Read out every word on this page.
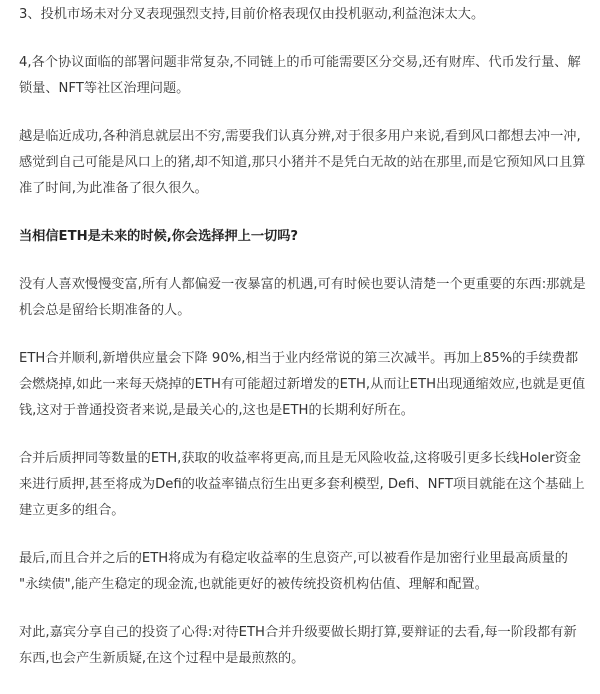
3、投机市场未对分叉表现强烈支持,目前价格表现仅由投机驱动,利益泡沫太大。

4,各个协议面临的部署问题非常复杂,不同链上的币可能需要区分交易,还有财库、代币发行量、解锁量、NFT等社区治理问题。

越是临近成功,各种消息就层出不穷,需要我们认真分辨,对于很多用户来说,看到风口都想去冲一冲,感觉到自己可能是风口上的猪,却不知道,那只小猪并不是凭白无故的站在那里,而是它预知风口且算准了时间,为此准备了很久很久。

当相信ETH是未来的时候,你会选择押上一切吗?

没有人喜欢慢慢变富,所有人都偏爱一夜暴富的机遇,可有时候也要认清楚一个更重要的东西:那就是机会总是留给长期准备的人。

ETH合并顺利,新增供应量会下降 90%,相当于业内经常说的第三次减半。再加上85%的手续费都会燃烧掉,如此一来每天烧掉的ETH有可能超过新增发的ETH,从而让ETH出现通缩效应,也就是更值钱,这对于普通投资者来说,是最关心的,这也是ETH的长期利好所在。

合并后质押同等数量的ETH,获取的收益率将更高,而且是无风险收益,这将吸引更多长线Holer资金来进行质押,甚至将成为Defi的收益率锚点衍生出更多套利模型, Defi、NFT项目就能在这个基础上建立更多的组合。

最后,而且合并之后的ETH将成为有稳定收益率的生息资产,可以被看作是加密行业里最高质量的 "永续债",能产生稳定的现金流,也就能更好的被传统投资机构估值、理解和配置。

对此,嘉宾分享自己的投资了心得:对待ETH合并升级要做长期打算,要辩证的去看,每一阶段都有新东西,也会产生新质疑,在这个过程中是最煎熬的。
